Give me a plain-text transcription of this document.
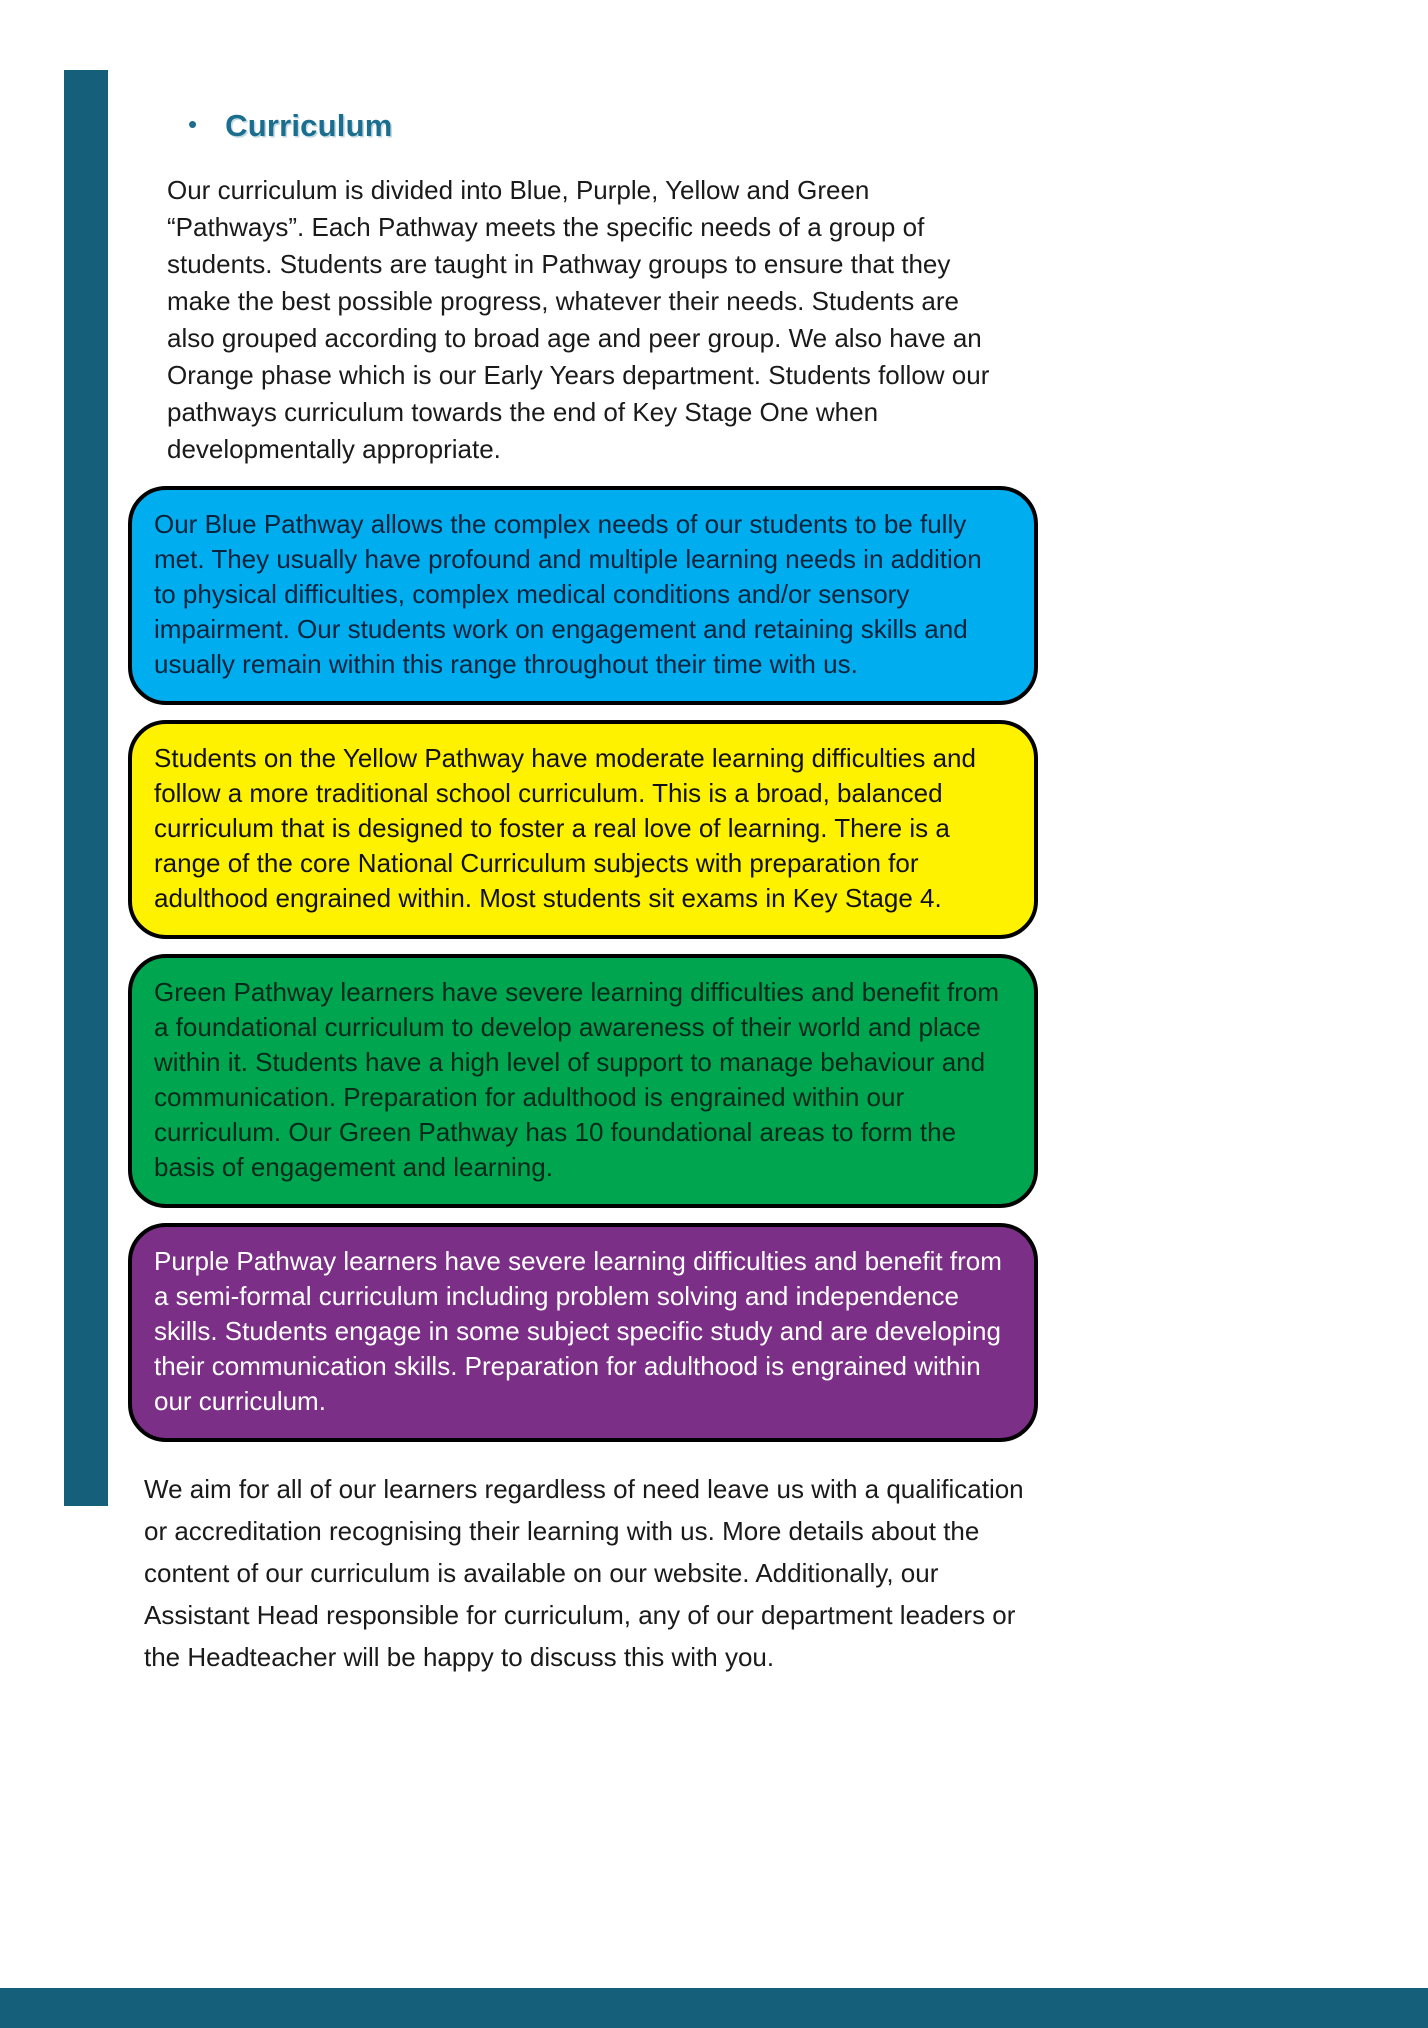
• Curriculum

Our curriculum is divided into Blue, Purple, Yellow and Green “Pathways”. Each Pathway meets the specific needs of a group of students. Students are taught in Pathway groups to ensure that they make the best possible progress, whatever their needs. Students are also grouped according to broad age and peer group. We also have an Orange phase which is our Early Years department. Students follow our pathways curriculum towards the end of Key Stage One when developmentally appropriate.

Our Blue Pathway allows the complex needs of our students to be fully met. They usually have profound and multiple learning needs in addition to physical difficulties, complex medical conditions and/or sensory impairment. Our students work on engagement and retaining skills and usually remain within this range throughout their time with us.

Students on the Yellow Pathway have moderate learning difficulties and follow a more traditional school curriculum. This is a broad, balanced curriculum that is designed to foster a real love of learning. There is a range of the core National Curriculum subjects with preparation for adulthood engrained within. Most students sit exams in Key Stage 4.

Green Pathway learners have severe learning difficulties and benefit from a foundational curriculum to develop awareness of their world and place within it. Students have a high level of support to manage behaviour and communication. Preparation for adulthood is engrained within our curriculum. Our Green Pathway has 10 foundational areas to form the basis of engagement and learning.

Purple Pathway learners have severe learning difficulties and benefit from a semi-formal curriculum including problem solving and independence skills. Students engage in some subject specific study and are developing their communication skills. Preparation for adulthood is engrained within our curriculum.

We aim for all of our learners regardless of need leave us with a qualification or accreditation recognising their learning with us. More details about the content of our curriculum is available on our website. Additionally, our Assistant Head responsible for curriculum, any of our department leaders or the Headteacher will be happy to discuss this with you.
